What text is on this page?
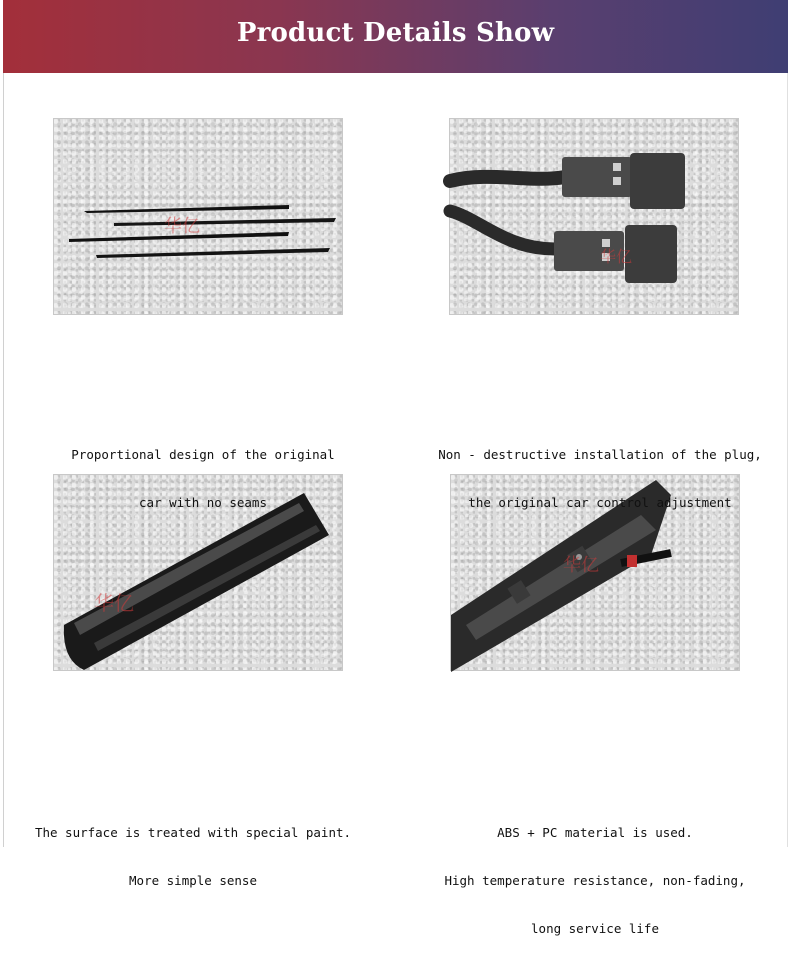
Product Details Show
华亿
华亿
华亿
华亿

Proportional design of the original

car with no seams

Non - destructive installation of the plug,

the original car control adjustment

The surface is treated with special paint.

More simple sense

ABS + PC material is used.

High temperature resistance, non-fading,

long service life
